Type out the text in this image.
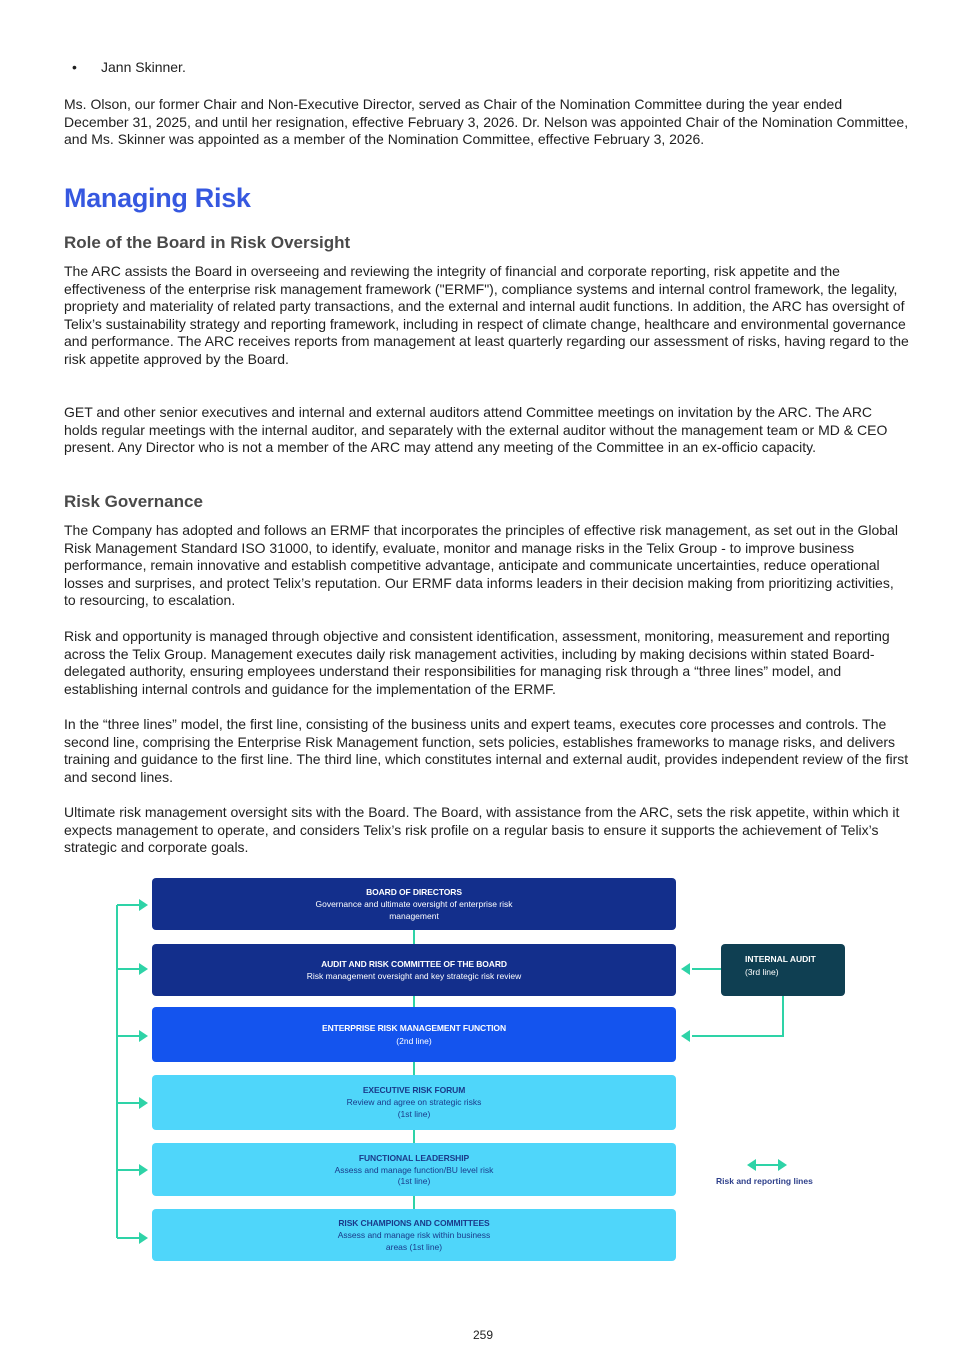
• Jann Skinner.

Ms. Olson, our former Chair and Non-Executive Director, served as Chair of the Nomination Committee during the year ended December 31, 2025, and until her resignation, effective February 3, 2026. Dr. Nelson was appointed Chair of the Nomination Committee, and Ms. Skinner was appointed as a member of the Nomination Committee, effective February 3, 2026.

Managing Risk
Role of the Board in Risk Oversight

The ARC assists the Board in overseeing and reviewing the integrity of financial and corporate reporting, risk appetite and the effectiveness of the enterprise risk management framework ("ERMF"), compliance systems and internal control framework, the legality, propriety and materiality of related party transactions, and the external and internal audit functions. In addition, the ARC has oversight of Telix’s sustainability strategy and reporting framework, including in respect of climate change, healthcare and environmental governance and performance. The ARC receives reports from management at least quarterly regarding our assessment of risks, having regard to the risk appetite approved by the Board.

GET and other senior executives and internal and external auditors attend Committee meetings on invitation by the ARC. The ARC holds regular meetings with the internal auditor, and separately with the external auditor without the management team or MD & CEO present. Any Director who is not a member of the ARC may attend any meeting of the Committee in an ex-officio capacity.

Risk Governance

The Company has adopted and follows an ERMF that incorporates the principles of effective risk management, as set out in the Global Risk Management Standard ISO 31000, to identify, evaluate, monitor and manage risks in the Telix Group - to improve business performance, remain innovative and establish competitive advantage, anticipate and communicate uncertainties, reduce operational losses and surprises, and protect Telix’s reputation. Our ERMF data informs leaders in their decision making from prioritizing activities, to resourcing, to escalation.

Risk and opportunity is managed through objective and consistent identification, assessment, monitoring, measurement and reporting across the Telix Group. Management executes daily risk management activities, including by making decisions within stated Board-delegated authority, ensuring employees understand their responsibilities for managing risk through a “three lines” model, and establishing internal controls and guidance for the implementation of the ERMF.

In the “three lines” model, the first line, consisting of the business units and expert teams, executes core processes and controls. The second line, comprising the Enterprise Risk Management function, sets policies, establishes frameworks to manage risks, and delivers training and guidance to the first line. The third line, which constitutes internal and external audit, provides independent review of the first and second lines.

Ultimate risk management oversight sits with the Board. The Board, with assistance from the ARC, sets the risk appetite, within which it expects management to operate, and considers Telix’s risk profile on a regular basis to ensure it supports the achievement of Telix’s strategic and corporate goals.

BOARD OF DIRECTORS
Governance and ultimate oversight of enterprise risk management
AUDIT AND RISK COMMITTEE OF THE BOARD
Risk management oversight and key strategic risk review
ENTERPRISE RISK MANAGEMENT FUNCTION
(2nd line)
EXECUTIVE RISK FORUM
Review and agree on strategic risks
(1st line)
FUNCTIONAL LEADERSHIP
Assess and manage function/BU level risk (1st line)
RISK CHAMPIONS AND COMMITTEES
Assess and manage risk within business areas (1st line)
INTERNAL AUDIT
(3rd line)
Risk and reporting lines
259
